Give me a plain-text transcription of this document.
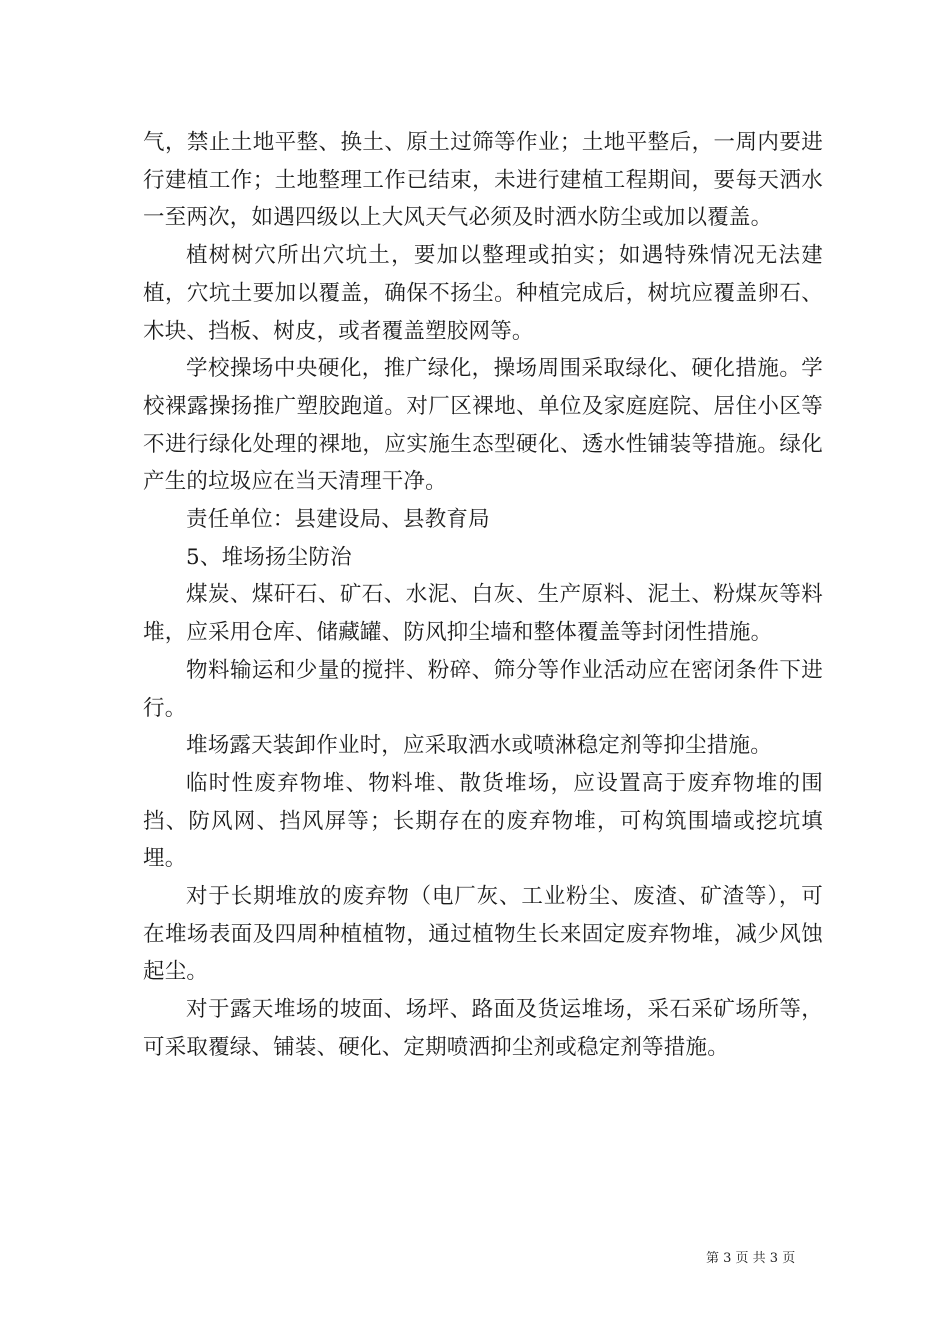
气，禁止土地平整、换土、原土过筛等作业；土地平整后，一周内要进行建植工作；土地整理工作已结束，未进行建植工程期间，要每天洒水一至两次，如遇四级以上大风天气必须及时洒水防尘或加以覆盖。

植树树穴所出穴坑土，要加以整理或拍实；如遇特殊情况无法建植，穴坑土要加以覆盖，确保不扬尘。种植完成后，树坑应覆盖卵石、木块、挡板、树皮，或者覆盖塑胶网等。

学校操场中央硬化，推广绿化，操场周围采取绿化、硬化措施。学校裸露操扬推广塑胶跑道。对厂区裸地、单位及家庭庭院、居住小区等不进行绿化处理的裸地，应实施生态型硬化、透水性铺装等措施。绿化产生的垃圾应在当天清理干净。

责任单位：县建设局、县教育局

5、堆场扬尘防治

煤炭、煤矸石、矿石、水泥、白灰、生产原料、泥土、粉煤灰等料堆，应采用仓库、储藏罐、防风抑尘墙和整体覆盖等封闭性措施。

物料输运和少量的搅拌、粉碎、筛分等作业活动应在密闭条件下进行。

堆场露天装卸作业时，应采取洒水或喷淋稳定剂等抑尘措施。

临时性废弃物堆、物料堆、散货堆场，应设置高于废弃物堆的围挡、防风网、挡风屏等；长期存在的废弃物堆，可构筑围墙或挖坑填埋。

对于长期堆放的废弃物（电厂灰、工业粉尘、废渣、矿渣等），可在堆场表面及四周种植植物，通过植物生长来固定废弃物堆，减少风蚀起尘。

对于露天堆场的坡面、场坪、路面及货运堆场，采石采矿场所等，可采取覆绿、铺装、硬化、定期喷洒抑尘剂或稳定剂等措施。

第 3 页 共 3 页
